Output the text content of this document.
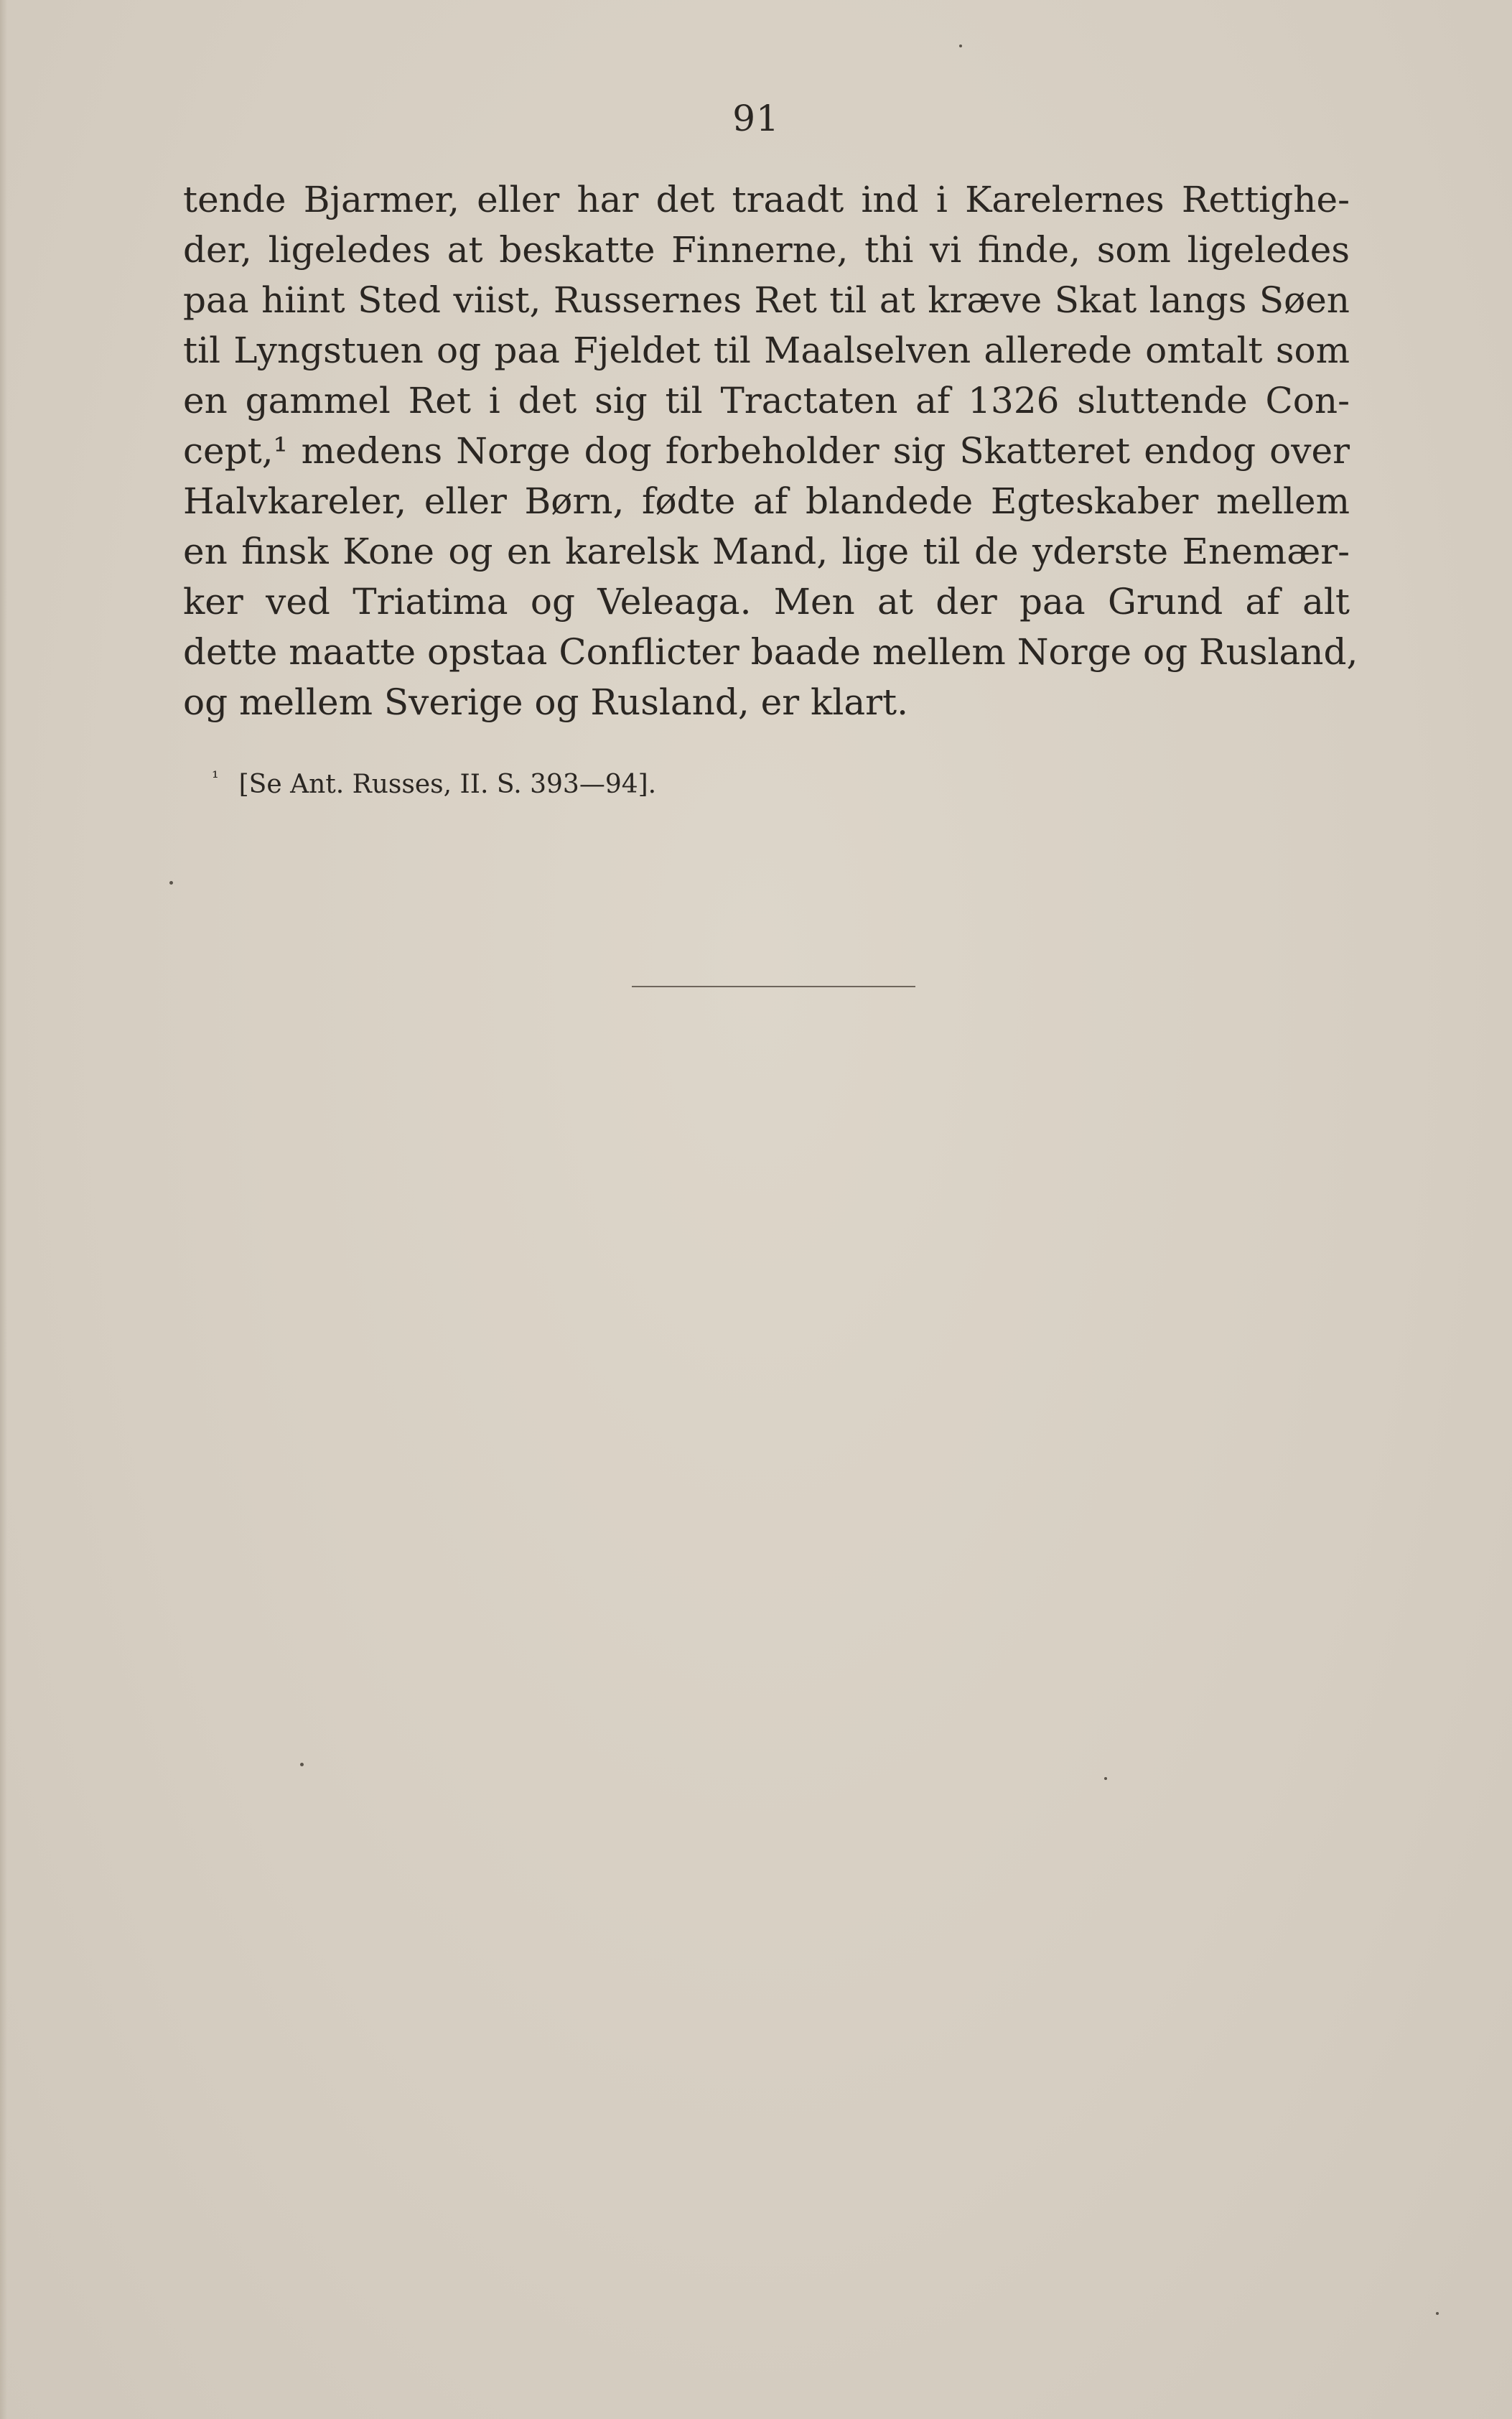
91
tende Bjarmer, eller har det traadt ind i Karelernes Rettighe-
der, ligeledes at beskatte Finnerne, thi vi finde, som ligeledes
paa hiint Sted viist, Russernes Ret til at kræve Skat langs Søen
til Lyngstuen og paa Fjeldet til Maalselven allerede omtalt som
en gammel Ret i det sig til Tractaten af 1326 sluttende Con-
cept,¹ medens Norge dog forbeholder sig Skatteret endog over
Halvkareler, eller Børn, fødte af blandede Egteskaber mellem
en finsk Kone og en karelsk Mand, lige til de yderste Enemær-
ker ved Triatima og Veleaga. Men at der paa Grund af alt
dette maatte opstaa Conflicter baade mellem Norge og Rusland,
og mellem Sverige og Rusland, er klart.
$^{^1}$ [Se Ant. Russes, II. S. 393—94].
